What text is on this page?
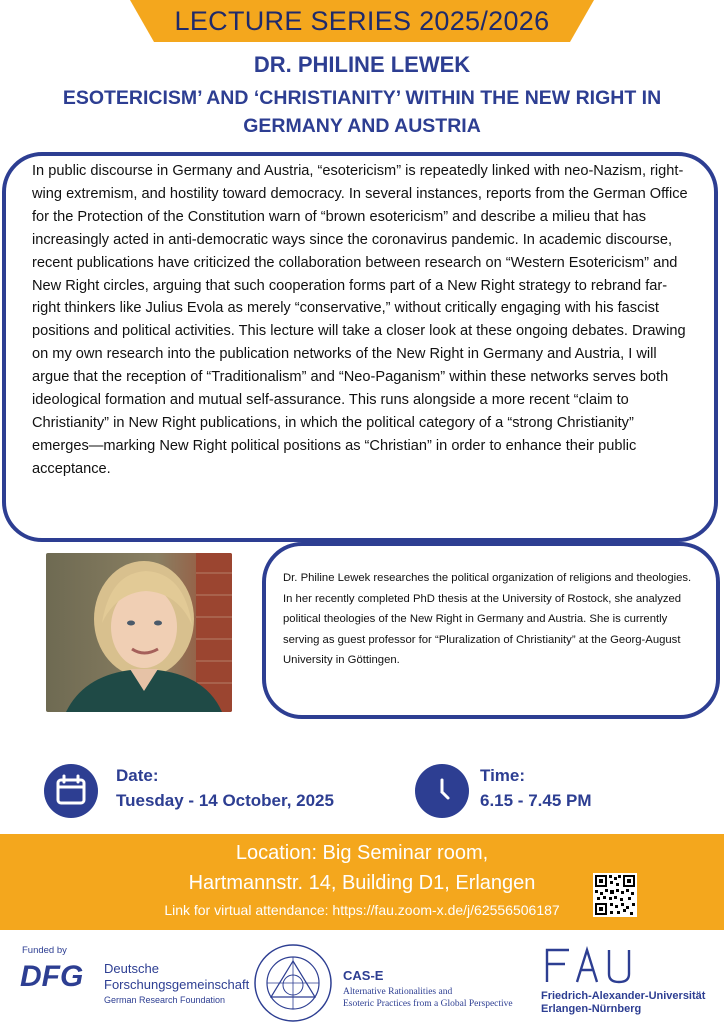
LECTURE SERIES 2025/2026
DR. PHILINE LEWEK
ESOTERICISM’ AND ‘CHRISTIANITY’ WITHIN THE NEW RIGHT IN GERMANY AND AUSTRIA

In public discourse in Germany and Austria, “esotericism” is repeatedly linked with neo-Nazism, right-wing extremism, and hostility toward democracy. In several instances, reports from the German Office for the Protection of the Constitution warn of “brown esotericism” and describe a milieu that has increasingly acted in anti-democratic ways since the coronavirus pandemic. In academic discourse, recent publications have criticized the collaboration between research on “Western Esotericism” and New Right circles, arguing that such cooperation forms part of a New Right strategy to rebrand far-right thinkers like Julius Evola as merely “conservative,” without critically engaging with his fascist positions and political activities. This lecture will take a closer look at these ongoing debates. Drawing on my own research into the publication networks of the New Right in Germany and Austria, I will argue that the reception of “Traditionalism” and “Neo-Paganism” within these networks serves both ideological formation and mutual self-assurance. This runs alongside a more recent “claim to Christianity” in New Right publications, in which the political category of a “strong Christianity” emerges—marking New Right political positions as “Christian” in order to enhance their public acceptance.

Dr. Philine Lewek researches the political organization of religions and theologies. In her recently completed PhD thesis at the University of Rostock, she analyzed political theologies of the New Right in Germany and Austria. She is currently serving as guest professor for “Pluralization of Christianity” at the Georg-August University in Göttingen.

Date:
Tuesday - 14 October, 2025
Time:
6.15 - 7.45 PM
Location: Big Seminar room,
Hartmannstr. 14, Building D1, Erlangen
Link for virtual attendance: https://fau.zoom-x.de/j/62556506187
Funded by
DFG Deutsche
Forschungsgemeinschaft
German Research Foundation
CAS-E
Alternative Rationalities and
Esoteric Practices from a Global Perspective
Friedrich-Alexander-Universität
Erlangen-Nürnberg
